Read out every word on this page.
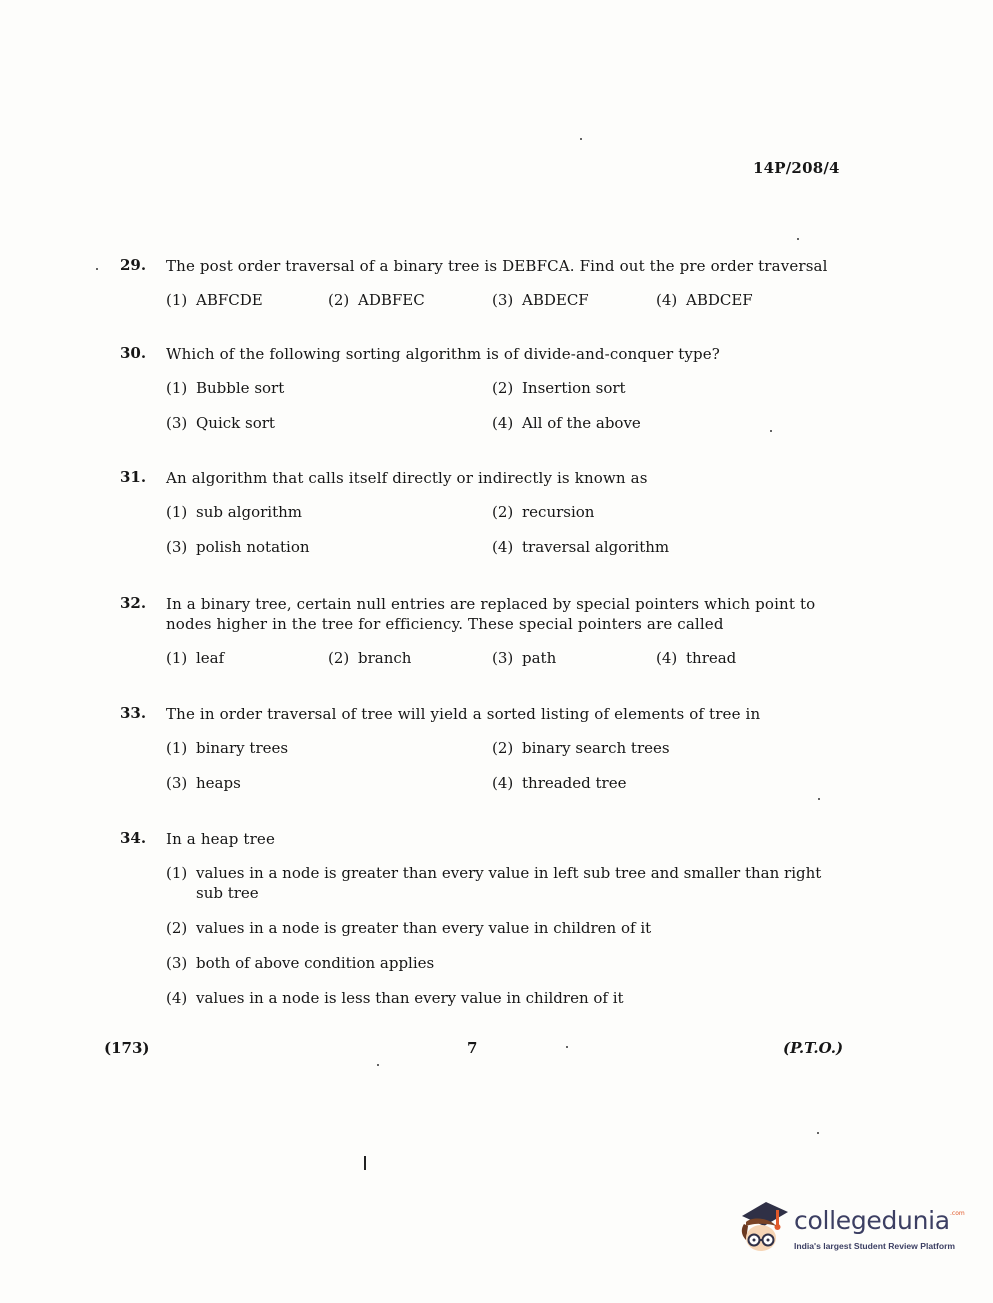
14P/208/4
29.	The post order traversal of a binary tree is DEBFCA. Find out the pre order traversal
(1) ABFCDE	(2) ADBFEC	(3) ABDECF	(4) ABDCEF
30.	Which of the following sorting algorithm is of divide-and-conquer type?
(1) Bubble sort	(2) Insertion sort
(3) Quick sort	(4) All of the above
31.	An algorithm that calls itself directly or indirectly is known as
(1) sub algorithm	(2) recursion
(3) polish notation	(4) traversal algorithm
32.	In a binary tree, certain null entries are replaced by special pointers which point to nodes higher in the tree for efficiency. These special pointers are called
(1) leaf	(2) branch	(3) path	(4) thread
33.	The in order traversal of tree will yield a sorted listing of elements of tree in
(1) binary trees	(2) binary search trees
(3) heaps	(4) threaded tree
34.	In a heap tree
(1) values in a node is greater than every value in left sub tree and smaller than right sub tree
(2) values in a node is greater than every value in children of it
(3) both of above condition applies
(4) values in a node is less than every value in children of it
(173)	7	(P.T.O.)
collegedunia .com
India's largest Student Review Platform
